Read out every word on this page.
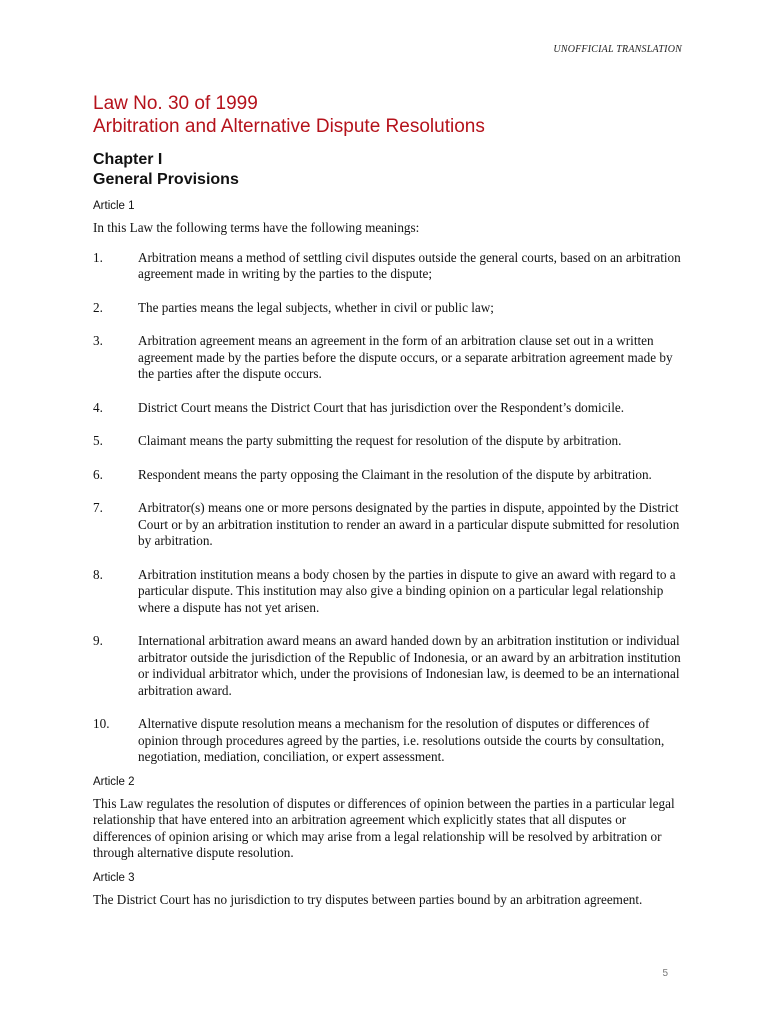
UNOFFICIAL TRANSLATION
Law No. 30 of 1999
Arbitration and Alternative Dispute Resolutions
Chapter I
General Provisions
Article 1

In this Law the following terms have the following meanings:

1.	Arbitration means a method of settling civil disputes outside the general courts, based on an arbitration agreement made in writing by the parties to the dispute;
2.	The parties means the legal subjects, whether in civil or public law;
3.	Arbitration agreement means an agreement in the form of an arbitration clause set out in a written agreement made by the parties before the dispute occurs, or a separate arbitration agreement made by the parties after the dispute occurs.
4.	District Court means the District Court that has jurisdiction over the Respondent’s domicile.
5.	Claimant means the party submitting the request for resolution of the dispute by arbitration.
6.	Respondent means the party opposing the Claimant in the resolution of the dispute by arbitration.
7.	Arbitrator(s) means one or more persons designated by the parties in dispute, appointed by the District Court or by an arbitration institution to render an award in a particular dispute submitted for resolution by arbitration.
8.	Arbitration institution means a body chosen by the parties in dispute to give an award with regard to a particular dispute. This institution may also give a binding opinion on a particular legal relationship where a dispute has not yet arisen.
9.	International arbitration award means an award handed down by an arbitration institution or individual arbitrator outside the jurisdiction of the Republic of Indonesia, or an award by an arbitration institution or individual arbitrator which, under the provisions of Indonesian law, is deemed to be an international arbitration award.
10.	Alternative dispute resolution means a mechanism for the resolution of disputes or differences of opinion through procedures agreed by the parties, i.e. resolutions outside the courts by consultation, negotiation, mediation, conciliation, or expert assessment.
Article 2

This Law regulates the resolution of disputes or differences of opinion between the parties in a particular legal relationship that have entered into an arbitration agreement which explicitly states that all disputes or differences of opinion arising or which may arise from a legal relationship will be resolved by arbitration or through alternative dispute resolution.

Article 3

The District Court has no jurisdiction to try disputes between parties bound by an arbitration agreement.

5
